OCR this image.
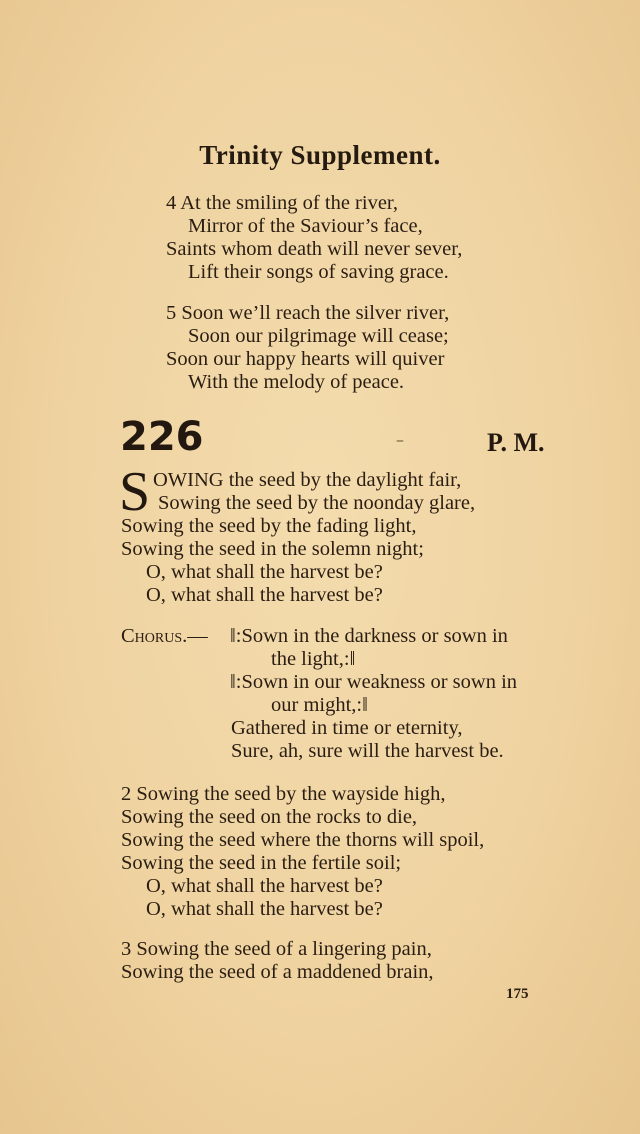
Trinity Supplement.
4 At the smiling of the river,
Mirror of the Saviour’s face,
Saints whom death will never sever,
Lift their songs of saving grace.
5 Soon we’ll reach the silver river,
Soon our pilgrimage will cease;
Soon our happy hearts will quiver
With the melody of peace.
226	–	P. M.
S OWING the seed by the daylight fair,
Sowing the seed by the noonday glare,
Sowing the seed by the fading light,
Sowing the seed in the solemn night;
O, what shall the harvest be?
O, what shall the harvest be?
Chorus.— ‖:Sown in the darkness or sown in
the light,:‖
‖:Sown in our weakness or sown in
our might,:‖
Gathered in time or eternity,
Sure, ah, sure will the harvest be.
2 Sowing the seed by the wayside high,
Sowing the seed on the rocks to die,
Sowing the seed where the thorns will spoil,
Sowing the seed in the fertile soil;
O, what shall the harvest be?
O, what shall the harvest be?
3 Sowing the seed of a lingering pain,
Sowing the seed of a maddened brain,
175
